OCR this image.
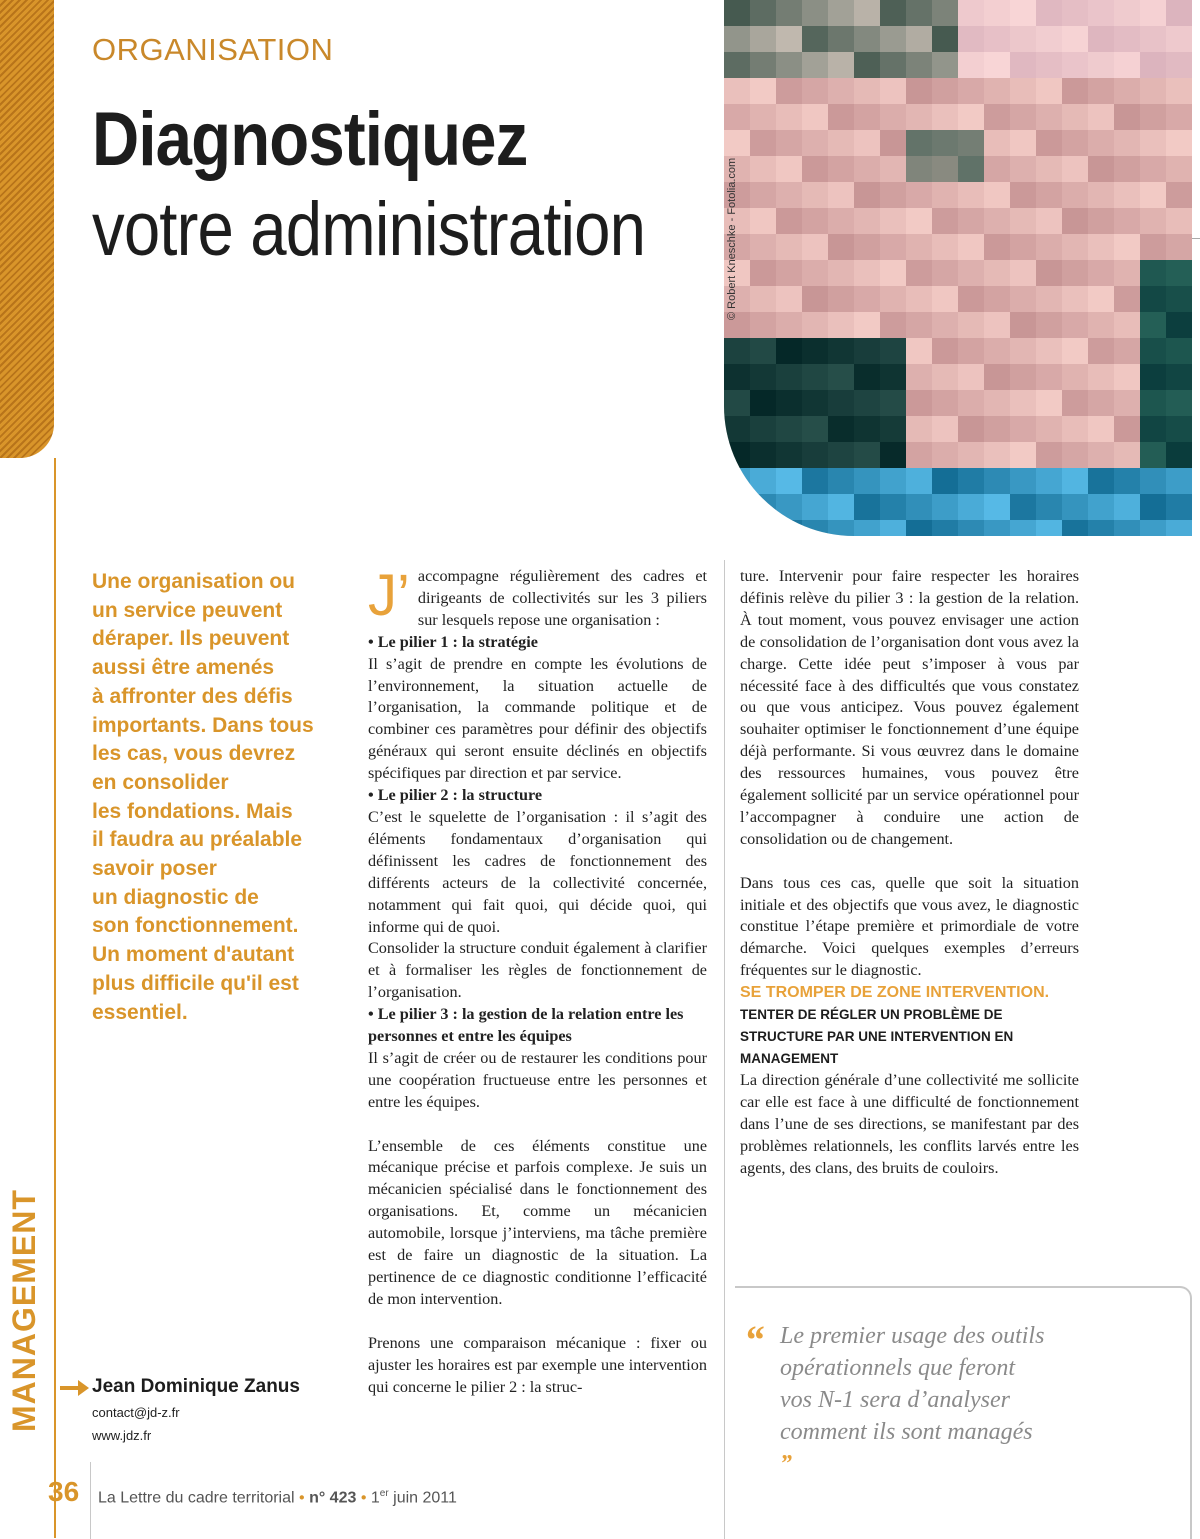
MANAGEMENT
ORGANISATION
Diagnostiquez
votre administration	© Robert Kneschke - Fotolia.com
Une organisation ou
un service peuvent
déraper. Ils peuvent
aussi être amenés
à affronter des défis
importants. Dans tous
les cas, vous devrez
en consolider
les fondations. Mais
il faudra au préalable
savoir poser
un diagnostic de
son fonctionnement.
Un moment d'autant
plus difficile qu'il est
essentiel.
Jean Dominique Zanus
contact@jd-z.fr
www.jdz.fr
J’ accompagne régulièrement des cadres et dirigeants de collectivités sur les 3 piliers sur lesquels repose une organisation :

• Le pilier 1 : la stratégie

Il s’agit de prendre en compte les évolutions de l’environnement, la situation actuelle de l’organisation, la commande politique et de combiner ces paramètres pour définir des objectifs généraux qui seront ensuite déclinés en objectifs spécifiques par direction et par service.

• Le pilier 2 : la structure

C’est le squelette de l’organisation : il s’agit des éléments fondamentaux d’organisation qui définissent les cadres de fonctionnement des différents acteurs de la collectivité concernée, notamment qui fait quoi, qui décide quoi, qui informe qui de quoi.

Consolider la structure conduit également à clarifier et à formaliser les règles de fonctionnement de l’organisation.

• Le pilier 3 : la gestion de la relation entre les personnes et entre les équipes

Il s’agit de créer ou de restaurer les conditions pour une coopération fructueuse entre les personnes et entre les équipes.

L’ensemble de ces éléments constitue une mécanique précise et parfois complexe. Je suis un mécanicien spécialisé dans le fonctionnement des organisations. Et, comme un mécanicien automobile, lorsque j’interviens, ma tâche première est de faire un diagnostic de la situation. La pertinence de ce diagnostic conditionne l’efficacité de mon intervention.

Prenons une comparaison mécanique : fixer ou ajuster les horaires est par exemple une intervention qui concerne le pilier 2 : la struc-

ture. Intervenir pour faire respecter les horaires définis relève du pilier 3 : la gestion de la relation. À tout moment, vous pouvez envisager une action de consolidation de l’organisation dont vous avez la charge. Cette idée peut s’imposer à vous par nécessité face à des difficultés que vous constatez ou que vous anticipez. Vous pouvez également souhaiter optimiser le fonctionnement d’une équipe déjà performante. Si vous œuvrez dans le domaine des ressources humaines, vous pouvez être également sollicité par un service opérationnel pour l’accompagner à conduire une action de consolidation ou de changement.

Dans tous ces cas, quelle que soit la situation initiale et des objectifs que vous avez, le diagnostic constitue l’étape première et primordiale de votre démarche. Voici quelques exemples d’erreurs fréquentes sur le diagnostic.

SE TROMPER DE ZONE INTERVENTION.

TENTER DE RÉGLER UN PROBLÈME DE STRUCTURE PAR UNE INTERVENTION EN MANAGEMENT

La direction générale d’une collectivité me sollicite car elle est face à une difficulté de fonctionnement dans l’une de ses directions, se manifestant par des problèmes relationnels, les conflits larvés entre les agents, des clans, des bruits de couloirs.

“ Le premier usage des outils
opérationnels que feront
vos N-1 sera d’analyser
comment ils sont managés
”
36 La Lettre du cadre territorial • n° 423 • 1er juin 2011
